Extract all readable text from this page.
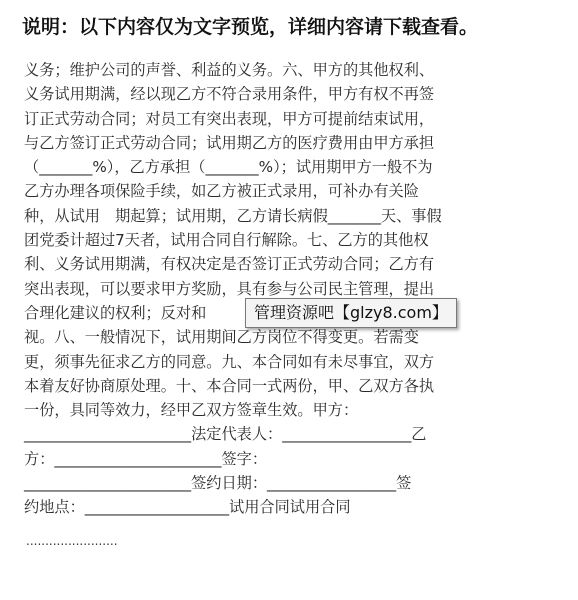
说明：以下内容仅为文字预览，详细内容请下载查看。
义务；维护公司的声誉、利益的义务。六、甲方的其他权利、
义务试用期满，经以现乙方不符合录用条件，甲方有权不再签
订正式劳动合同；对员工有突出表现，甲方可提前结束试用，
与乙方签订正式劳动合同；试用期乙方的医疗费用由甲方承担
（_______%），乙方承担（_______%）；试用期甲方一般不为
乙方办理各项保险手续，如乙方被正式录用，可补办有关险
种，从试用　期起算；试用期，乙方请长病假_______天、事假
团党委计超过7天者，试用合同自行解除。七、乙方的其他权
利、义务试用期满，有权决定是否签订正式劳动合同；乙方有
突出表现，可以要求甲方奖励，具有参与公司民主管理，提出
合理化建议的权利；反对和
视。八、一般情况下，试用期间乙方岗位不得变更。若需变
更，须事先征求乙方的同意。九、本合同如有未尽事宜，双方
本着友好协商原处理。十、本合同一式两份，甲、乙双方各执
一份，具同等效力，经甲乙双方签章生效。甲方：
______________________法定代表人：_________________乙
方：______________________签字：
______________________签约日期：_________________签
约地点：___________________试用合同试用合同
........................
管理资源吧【glzy8.com】
